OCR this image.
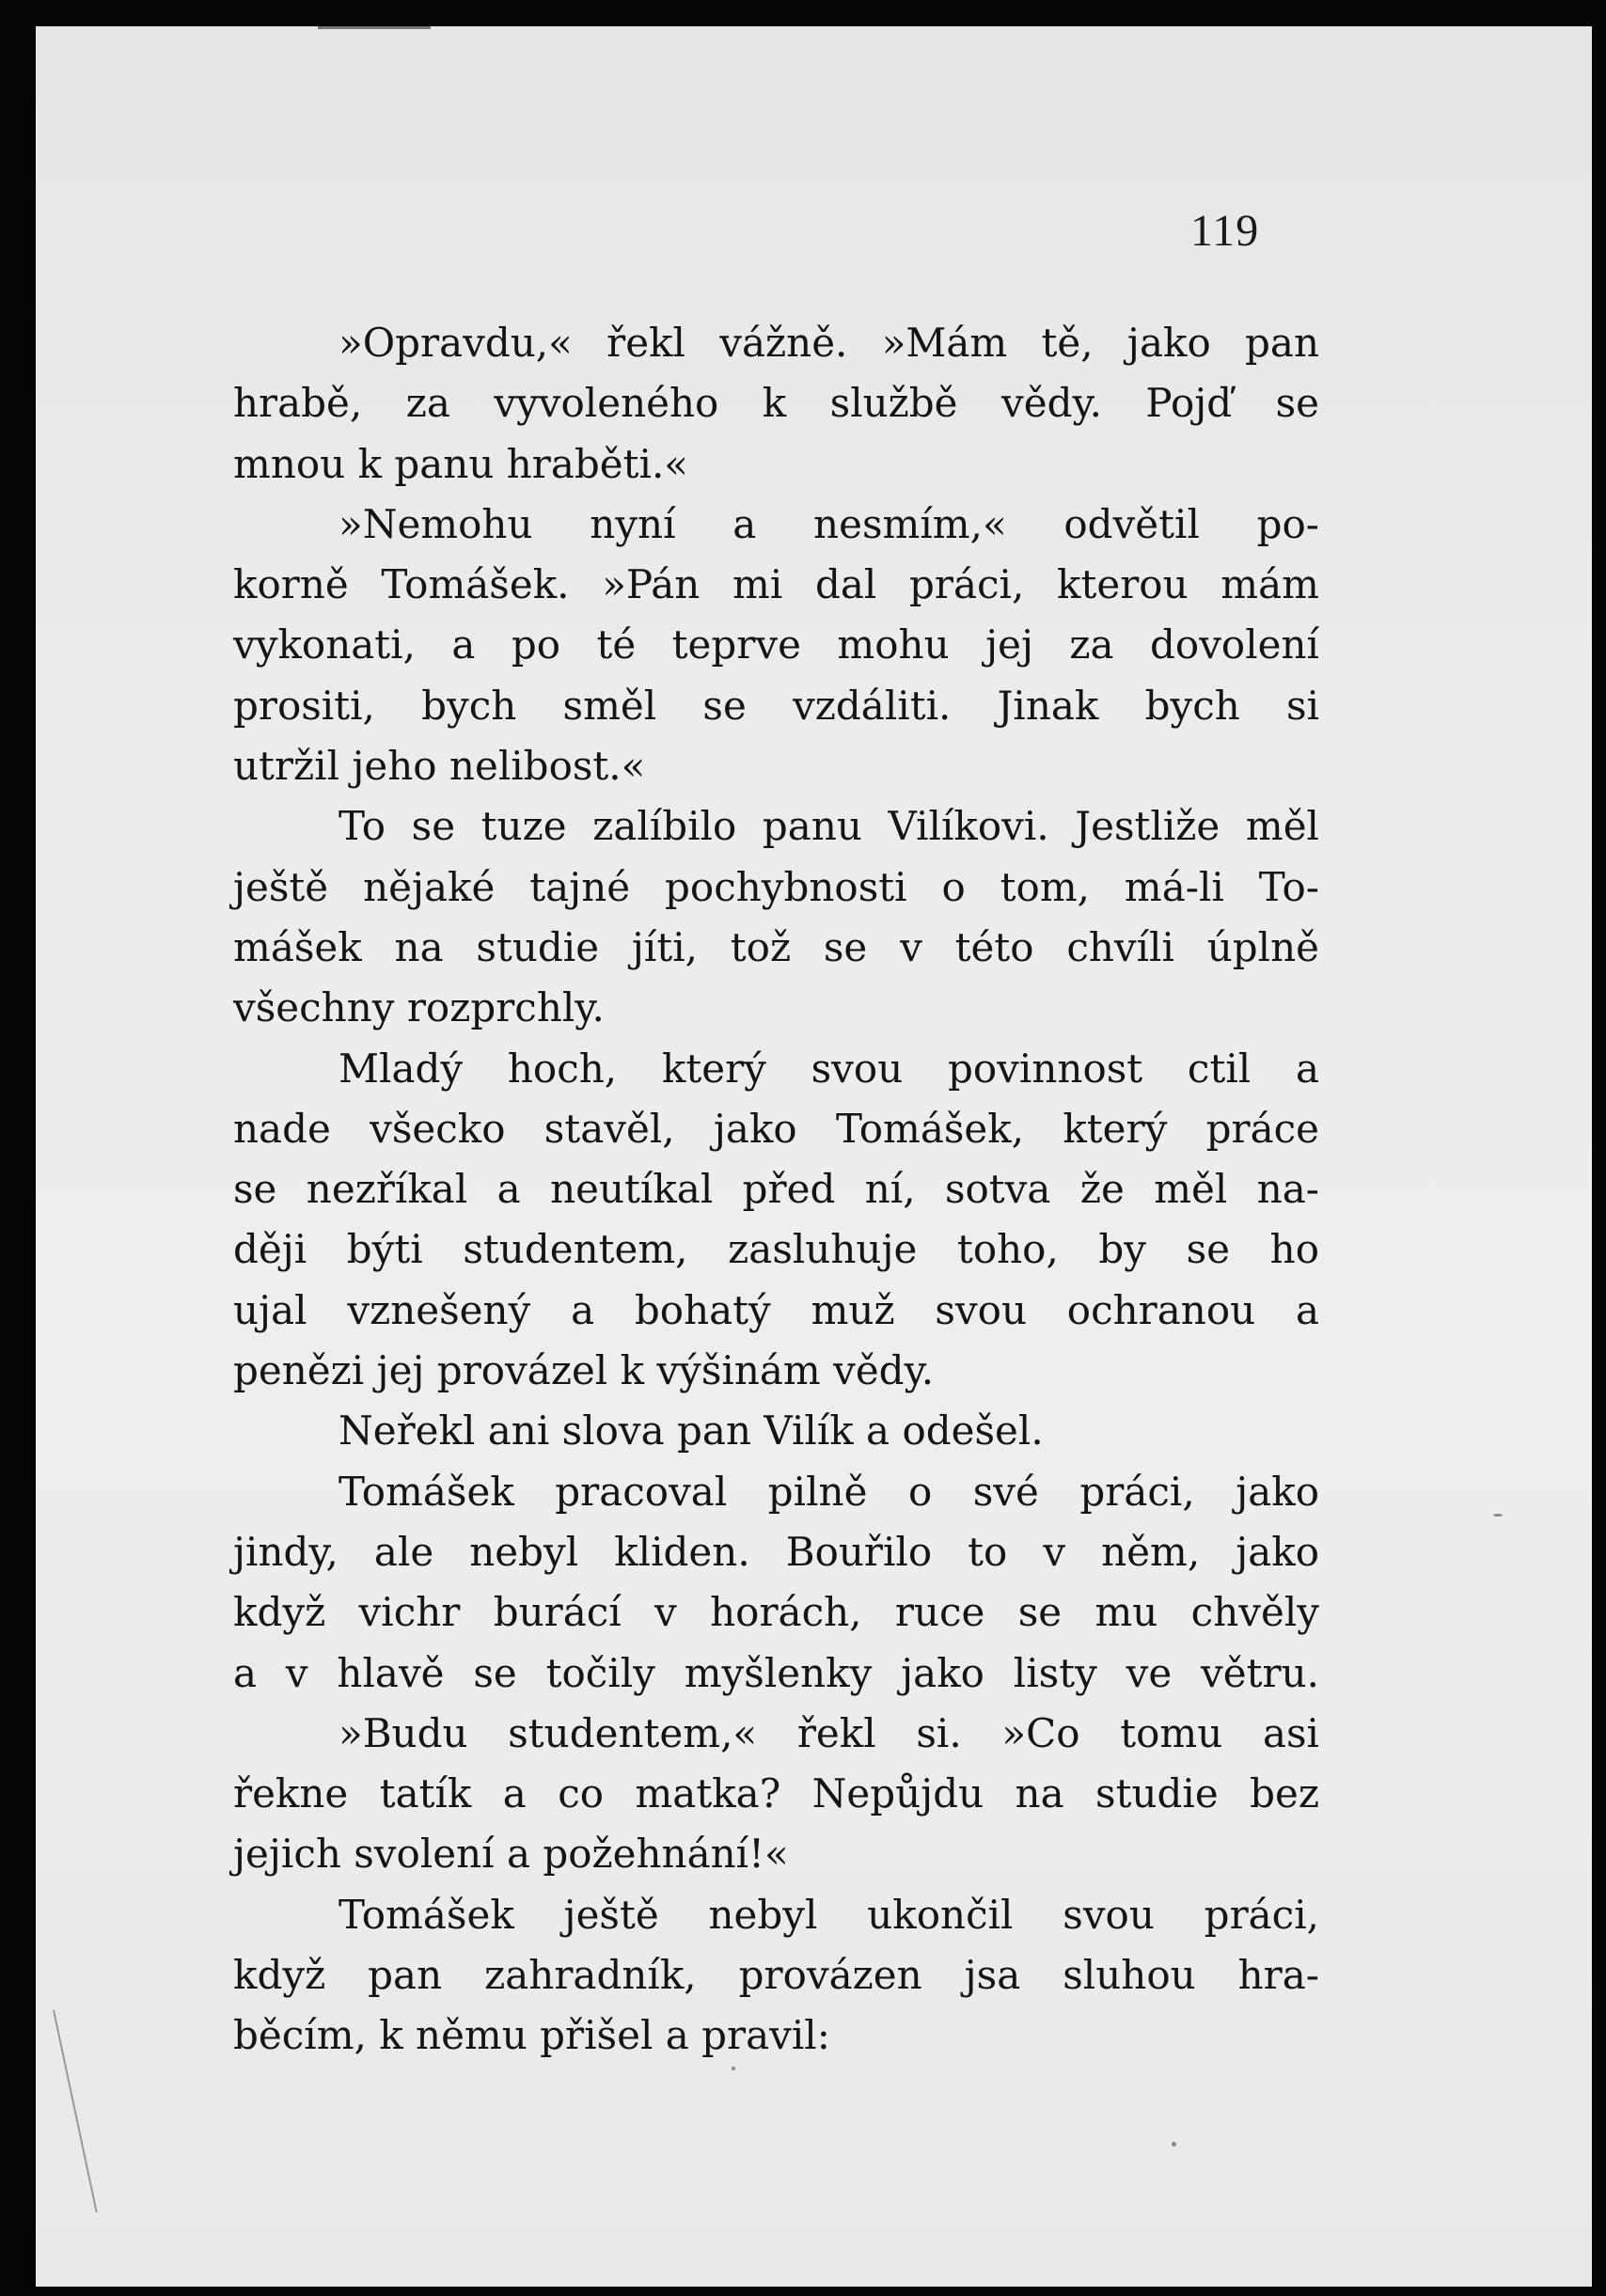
119
»Opravdu,« řekl vážně. »Mám tě, jako pan
hrabě, za vyvoleného k službě vědy. Pojď se
mnou k panu hraběti.«
»Nemohu nyní a nesmím,« odvětil po-
korně Tomášek. »Pán mi dal práci, kterou mám
vykonati, a po té teprve mohu jej za dovolení
prositi, bych směl se vzdáliti. Jinak bych si
utržil jeho nelibost.«
To se tuze zalíbilo panu Vilíkovi. Jestliže měl
ještě nějaké tajné pochybnosti o tom, má-li To-
mášek na studie jíti, tož se v této chvíli úplně
všechny rozprchly.
Mladý hoch, který svou povinnost ctil a
nade všecko stavěl, jako Tomášek, který práce
se nezříkal a neutíkal před ní, sotva že měl na-
ději býti studentem, zasluhuje toho, by se ho
ujal vznešený a bohatý muž svou ochranou a
penězi jej provázel k výšinám vědy.
Neřekl ani slova pan Vilík a odešel.
Tomášek pracoval pilně o své práci, jako
jindy, ale nebyl kliden. Bouřilo to v něm, jako
když vichr burácí v horách, ruce se mu chvěly
a v hlavě se točily myšlenky jako listy ve větru.
»Budu studentem,« řekl si. »Co tomu asi
řekne tatík a co matka? Nepůjdu na studie bez
jejich svolení a požehnání!«
Tomášek ještě nebyl ukončil svou práci,
když pan zahradník, provázen jsa sluhou hra-
běcím, k němu přišel a pravil:
